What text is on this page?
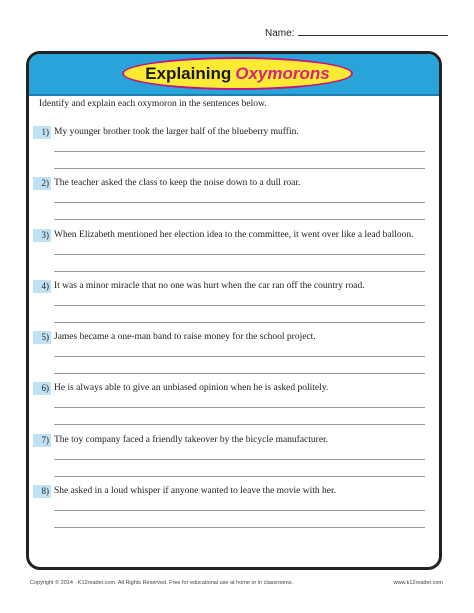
Name:
Explaining Oxymorons
Identify and explain each oxymoron in the sentences below.
1) My younger brother took the larger half of the blueberry muffin.
2) The teacher asked the class to keep the noise down to a dull roar.
3) When Elizabeth mentioned her election idea to the committee, it went over like a lead balloon.
4) It was a minor miracle that no one was hurt when the car ran off the country road.
5) James became a one-man band to raise money for the school project.
6) He is always able to give an unbiased opinion when he is asked politely.
7) The toy company faced a friendly takeover by the bicycle manufacturer.
8) She asked in a loud whisper if anyone wanted to leave the movie with her.
Copyright © 2014 · K12reader.com. All Rights Reserved. Free for educational use at home or in classrooms.	www.k12reader.com
